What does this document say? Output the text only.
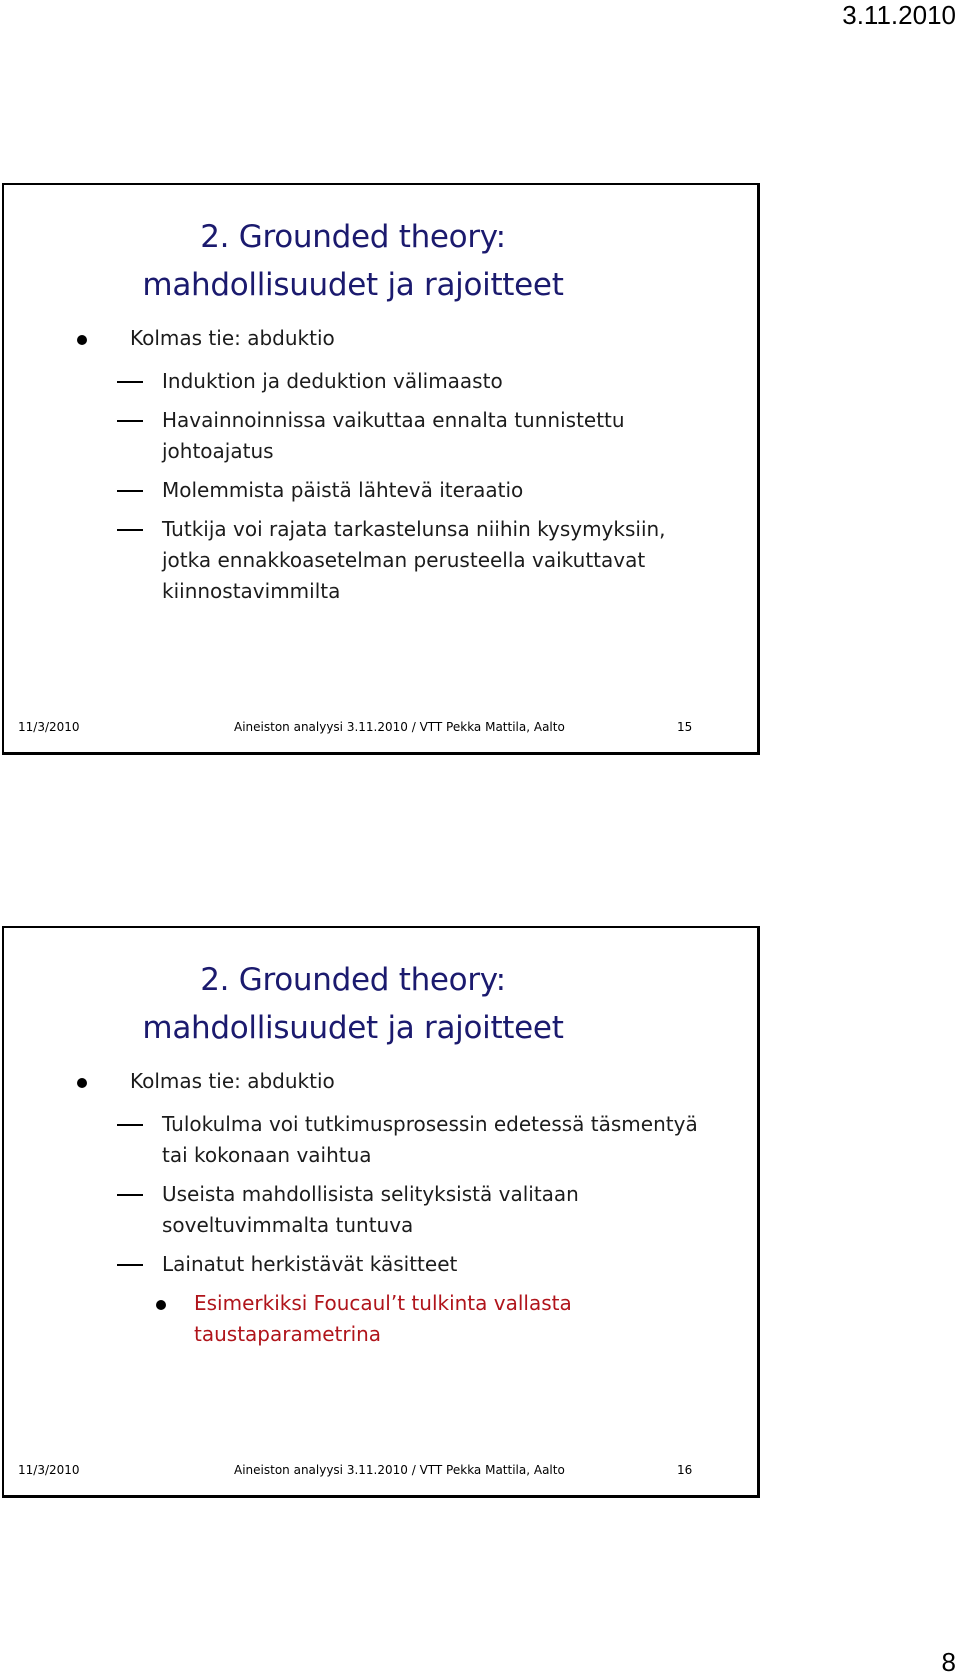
3.11.2010
2. Grounded theory:
mahdollisuudet ja rajoitteet
Kolmas tie: abduktio
Induktion ja deduktion välimaasto
Havainnoinnissa vaikuttaa ennalta tunnistettu johtoajatus
Molemmista päistä lähtevä iteraatio
Tutkija voi rajata tarkastelunsa niihin kysymyksiin, jotka ennakkoasetelman perusteella vaikuttavat kiinnostavimmilta
11/3/2010	Aineiston analyysi 3.11.2010 / VTT Pekka Mattila, Aalto	15
2. Grounded theory:
mahdollisuudet ja rajoitteet
Kolmas tie: abduktio
Tulokulma voi tutkimusprosessin edetessä täsmentyä tai kokonaan vaihtua
Useista mahdollisista selityksistä valitaan soveltuvimmalta tuntuva
Lainatut herkistävät käsitteet
Esimerkiksi Foucaul’t tulkinta vallasta taustaparametrina
11/3/2010	Aineiston analyysi 3.11.2010 / VTT Pekka Mattila, Aalto	16
8
